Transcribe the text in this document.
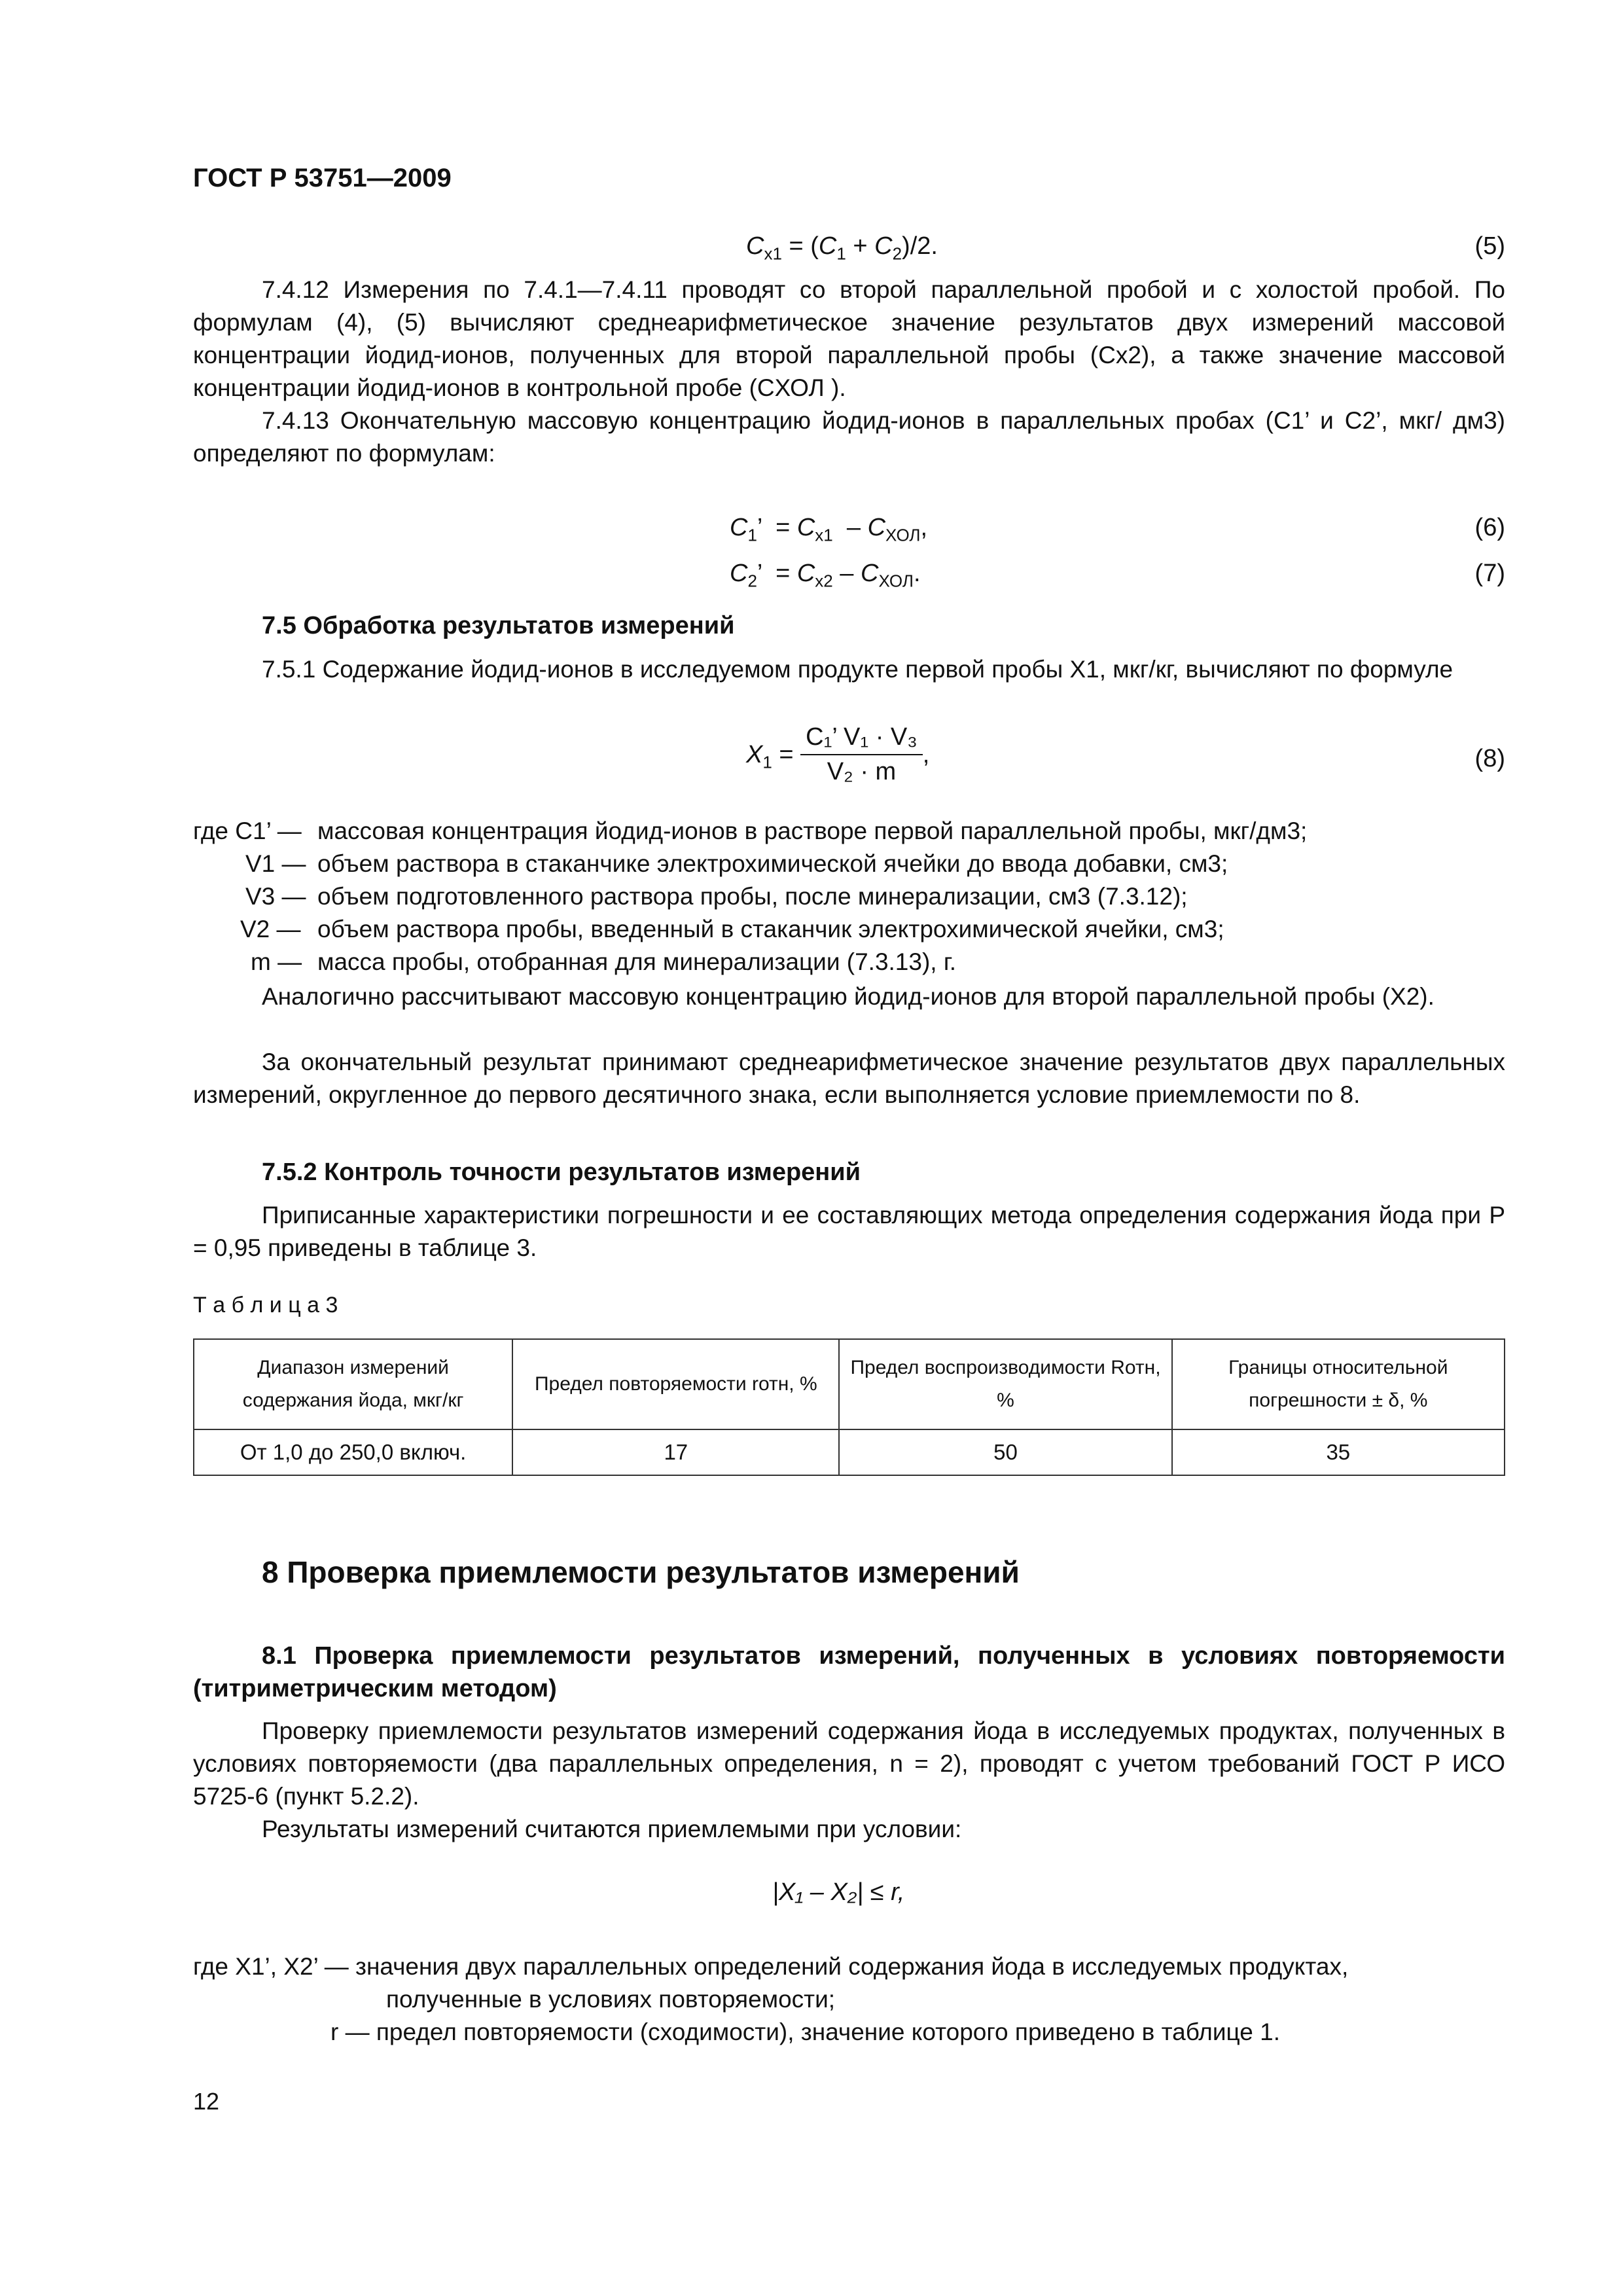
ГОСТ Р 53751—2009
$C_{x1} = (C_1 + C_2)/2$.	(5)
7.4.12 Измерения по 7.4.1—7.4.11 проводят со второй параллельной пробой и с холостой пробой. По формулам (4), (5) вычисляют среднеарифметическое значение результатов двух измерений массовой концентрации йодид-ионов, полученных для второй параллельной пробы (Cx2), а также значение массовой концентрации йодид-ионов в контрольной пробе (CХОЛ ).
7.4.13 Окончательную массовую концентрацию йодид-ионов в параллельных пробах (C1’ и C2’, мкг/ дм3) определяют по формулам:
$C_1$’  = $C_{x1} - C_{ХОЛ}$,	(6)
$C_2$’  = $C_{x2} - C_{ХОЛ}$.	(7)
7.5 Обработка результатов измерений
7.5.1 Содержание йодид-ионов в исследуемом продукте первой пробы X1, мкг/кг, вычисляют по формуле
$X_1 = \frac{\text{C₁’ V₁ · V₃}}{\text{V₂ · m}}$ ,	(8)
где C1’ — массовая концентрация йодид-ионов в растворе первой параллельной пробы, мкг/дм3;
V1 — объем раствора в стаканчике электрохимической ячейки до ввода добавки, см3;
V3 — объем подготовленного раствора пробы, после минерализации, см3 (7.3.12);
V2 — объем раствора пробы, введенный в стаканчик электрохимической ячейки, см3;
m — масса пробы, отобранная для минерализации (7.3.13), г.
Аналогично рассчитывают массовую концентрацию йодид-ионов для второй параллельной пробы (X2).
За окончательный результат принимают среднеарифметическое значение результатов двух параллельных измерений, округленное до первого десятичного знака, если выполняется условие приемлемости по 8.
7.5.2 Контроль точности результатов измерений
Приписанные характеристики погрешности и ее составляющих метода определения содержания йода при P = 0,95 приведены в таблице 3.
Т а б л и ц а 3
Диапазон измерений содержания йода, мкг/кг	Предел повторяемости rотн, %	Предел воспроизводимости Rотн, %	Границы относительной погрешности ± δ, %
От 1,0 до 250,0 включ.	17	50	35
8 Проверка приемлемости результатов измерений
8.1 Проверка приемлемости результатов измерений, полученных в условиях повторяемости (титриметрическим методом)
Проверку приемлемости результатов измерений содержания йода в исследуемых продуктах, полученных в условиях повторяемости (два параллельных определения, n = 2), проводят с учетом требований ГОСТ Р ИСО 5725-6 (пункт 5.2.2).
Результаты измерений считаются приемлемыми при условии:
|X₁ – X₂| ≤ r,
где X1’, X2’ — значения двух параллельных определений содержания йода в исследуемых продуктах,
полученные в условиях повторяемости;
r — предел повторяемости (сходимости), значение которого приведено в таблице 1.
12
